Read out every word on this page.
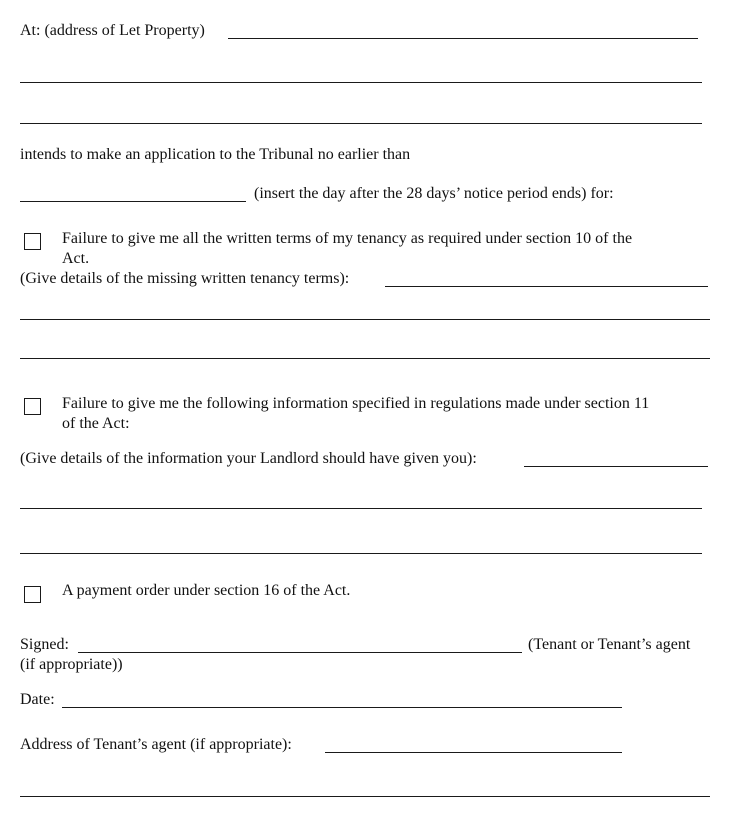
At: (address of Let Property)
intends to make an application to the Tribunal no earlier than
(insert the day after the 28 days’ notice period ends) for:
Failure to give me all the written terms of my tenancy as required under section 10 of the
Act.
(Give details of the missing written tenancy terms):
Failure to give me the following information specified in regulations made under section 11
of the Act:
(Give details of the information your Landlord should have given you):
A payment order under section 16 of the Act.
Signed:	(Tenant or Tenant’s agent
(if appropriate))
Date:
Address of Tenant’s agent (if appropriate):
